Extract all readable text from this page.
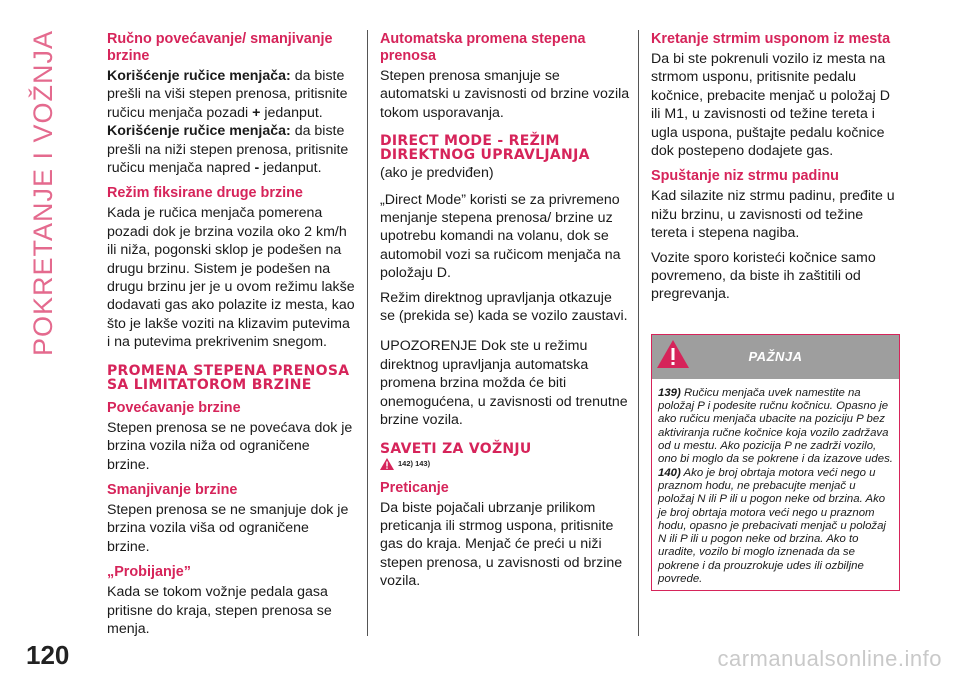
POKRETANJE I VOŽNJA	Ručno povećavanje/ smanjivanje brzine

Korišćenje ručice menjača: da biste prešli na viši stepen prenosa, pritisnite ručicu menjača pozadi + jedanput.

Korišćenje ručice menjača: da biste prešli na niži stepen prenosa, pritisnite ručicu menjača napred - jedanput.

Režim fiksirane druge brzine

Kada je ručica menjača pomerena pozadi dok je brzina vozila oko 2 km/h ili niža, pogonski sklop je podešen na drugu brzinu. Sistem je podešen na drugu brzinu jer je u ovom režimu lakše dodavati gas ako polazite iz mesta, kao što je lakše voziti na klizavim putevima i na putevima prekrivenim snegom.

PROMENA STEPENA PRENOSA SA LIMITATOROM BRZINE
Povećavanje brzine

Stepen prenosa se ne povećava dok je brzina vozila niža od ograničene brzine.

Smanjivanje brzine

Stepen prenosa se ne smanjuje dok je brzina vozila viša od ograničene brzine.

„Probijanje”

Kada se tokom vožnje pedala gasa pritisne do kraja, stepen prenosa se menja.

Automatska promena stepena prenosa

Stepen prenosa smanjuje se automatski u zavisnosti od brzine vozila tokom usporavanja.

DIRECT MODE - REŽIM DIREKTNOG UPRAVLJANJA

(ako je predviđen)

„Direct Mode” koristi se za privremeno menjanje stepena prenosa/ brzine uz upotrebu komandi na volanu, dok se automobil vozi sa ručicom menjača na položaju D.

Režim direktnog upravljanja otkazuje se (prekida se) kada se vozilo zaustavi.

UPOZORENJE Dok ste u režimu direktnog upravljanja automatska promena brzina možda će biti onemogućena, u zavisnosti od trenutne brzine vozila.

SAVETI ZA VOŽNJU
142) 143)
Preticanje

Da biste pojačali ubrzanje prilikom preticanja ili strmog uspona, pritisnite gas do kraja. Menjač će preći u niži stepen prenosa, u zavisnosti od brzine vozila.

Kretanje strmim usponom iz mesta

Da bi ste pokrenuli vozilo iz mesta na strmom usponu, pritisnite pedalu kočnice, prebacite menjač u položaj D ili M1, u zavisnosti od težine tereta i ugla uspona, puštajte pedalu kočnice dok postepeno dodajete gas.

Spuštanje niz strmu padinu

Kad silazite niz strmu padinu, pređite u nižu brzinu, u zavisnosti od težine tereta i stepena nagiba.

Vozite sporo koristeći kočnice samo povremeno, da biste ih zaštitili od pregrevanja.

PAŽNJA

139) Ručicu menjača uvek namestite na položaj P i podesite ručnu kočnicu. Opasno je ako ručicu menjača ubacite na poziciju P bez aktiviranja ručne kočnice koja vozilo zadržava od u mestu. Ako pozicija P ne zadrži vozilo, ono bi moglo da se pokrene i da izazove udes.

140) Ako je broj obrtaja motora veći nego u praznom hodu, ne prebacujte menjač u položaj N ili P ili u pogon neke od brzina. Ako je broj obrtaja motora veći nego u praznom hodu, opasno je prebacivati menjač u položaj N ili P ili u pogon neke od brzina. Ako to uradite, vozilo bi moglo iznenada da se pokrene i da prouzrokuje udes ili ozbiljne povrede.

120	carmanualsonline.info
